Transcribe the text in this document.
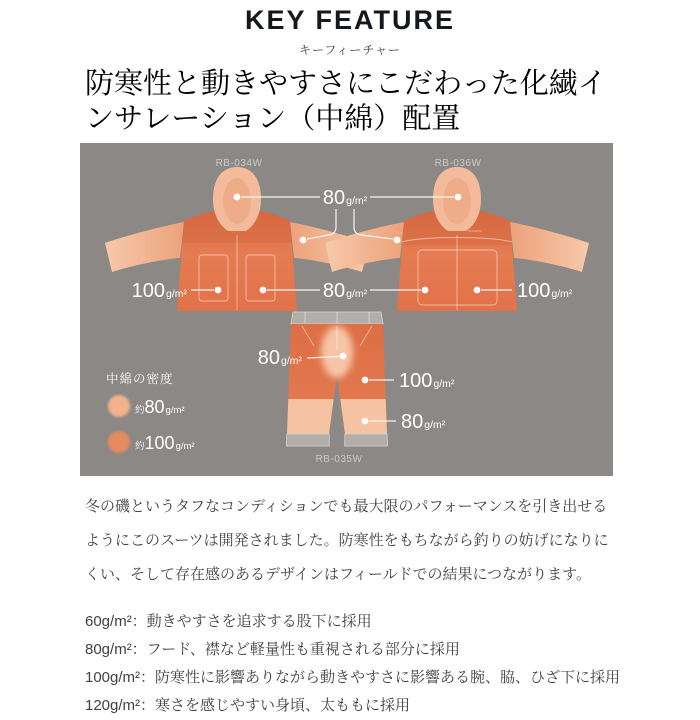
KEY FEATURE
キーフィーチャー
防寒性と動きやすさにこだわった化繊インサレーション（中綿）配置
RB-034W	RB-036W
RB-035W
80g/m²
100g/m²	80g/m²	100g/m²
80g/m²
100g/m²
80g/m²
中綿の密度
約80g/m²
約100g/m²

冬の磯というタフなコンディションでも最大限のパフォーマンスを引き出せるようにこのスーツは開発されました。防寒性をもちながら釣りの妨げになりにくい、そして存在感のあるデザインはフィールドでの結果につながります。

60g/m²：動きやすさを追求する股下に採用
80g/m²：フード、襟など軽量性も重視される部分に採用
100g/m²：防寒性に影響ありながら動きやすさに影響ある腕、脇、ひざ下に採用
120g/m²：寒さを感じやすい身頃、太ももに採用
